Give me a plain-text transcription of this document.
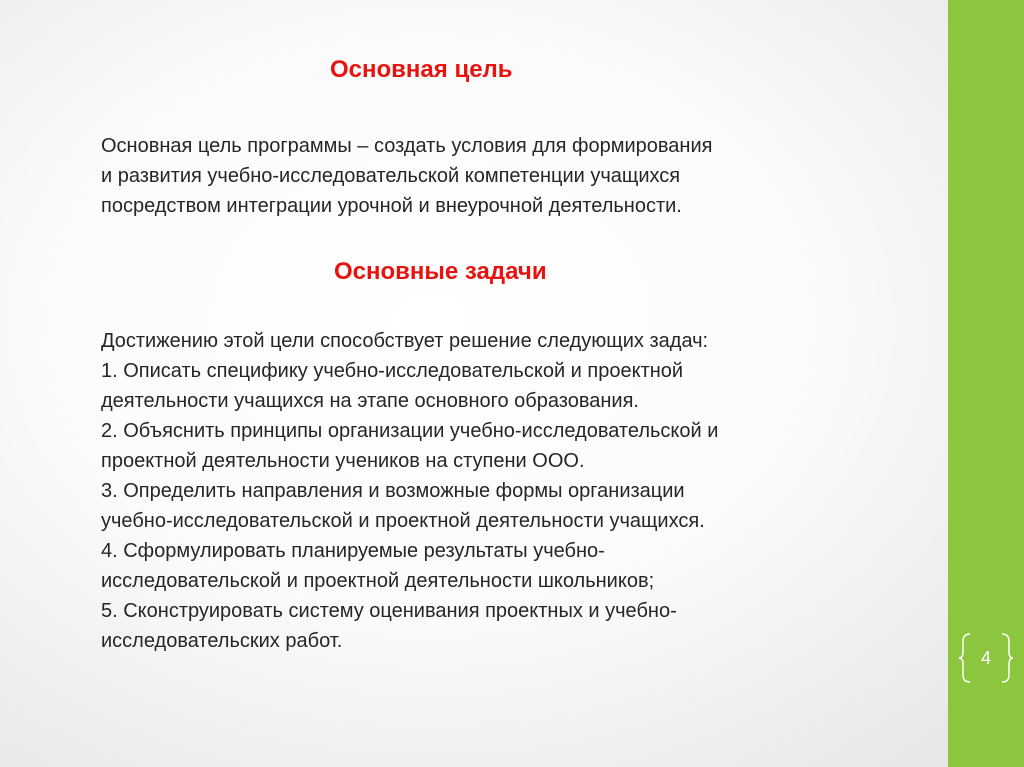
Основная цель
Основная цель программы – создать условия для формирования
и развития учебно-исследовательской компетенции учащихся
посредством интеграции урочной и внеурочной деятельности.
Основные задачи
Достижению этой цели способствует решение следующих задач:
1. Описать специфику учебно-исследовательской и проектной
деятельности учащихся на этапе основного образования.
2. Объяснить принципы организации учебно-исследовательской и
проектной деятельности учеников на ступени ООО.
3. Определить направления и возможные формы организации
учебно-исследовательской и проектной деятельности учащихся.
4. Сформулировать планируемые результаты учебно-
исследовательской и проектной деятельности школьников;
5. Сконструировать систему оценивания проектных и учебно-
исследовательских работ.
4
